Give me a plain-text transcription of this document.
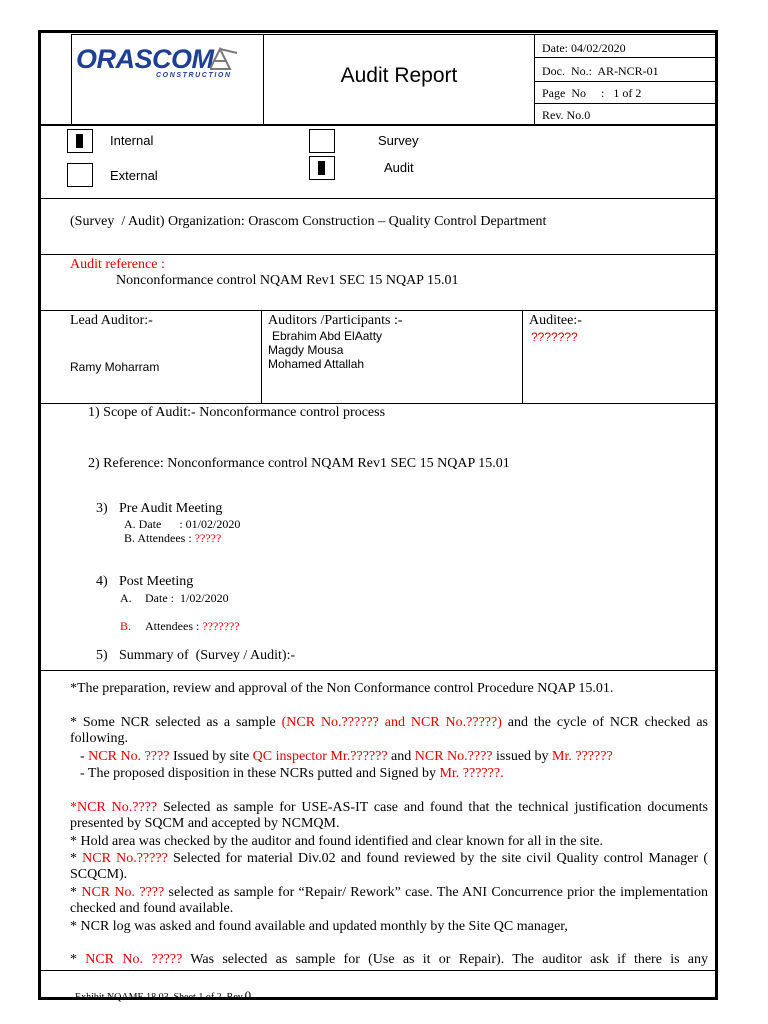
ORASCOM
CONSTRUCTION	Audit Report
Date: 04/02/2020
Doc.  No.:  AR-NCR-01
Page  No     :   1 of 2
Rev. No.0
Internal
External
Survey
Audit
(Survey  / Audit) Organization: Orascom Construction – Quality Control Department
Audit reference :
Nonconformance control NQAM Rev1 SEC 15 NQAP 15.01
Lead Auditor:-
Ramy Moharram
Auditors /Participants :-
Ebrahim Abd ElAatty
Magdy Mousa
Mohamed Attallah
Auditee:-
???????
1) Scope of Audit:- Nonconformance control process
2) Reference: Nonconformance control NQAM Rev1 SEC 15 NQAP 15.01
3) Pre Audit Meeting
A. Date      : 01/02/2020
B. Attendees : ?????
4) Post Meeting
A. Date :  1/02/2020
B. Attendees : ???????
5) Summary of  (Survey / Audit):-
*The preparation, review and approval of the Non Conformance control Procedure NQAP 15.01.
* Some NCR selected as a sample (NCR No.?????? and NCR No.?????) and the cycle of NCR checked as following.
- NCR No. ???? Issued by site QC inspector Mr.?????? and NCR No.???? issued by Mr. ??????
- The proposed disposition in these NCRs putted and Signed by Mr. ??????.
*NCR No.???? Selected as sample for USE-AS-IT case and found that the technical justification documents presented by SQCM and accepted by NCMQM.
* Hold area was checked by the auditor and found identified and clear known for all in the site.
* NCR No.????? Selected for material Div.02 and found reviewed by the site civil Quality control Manager ( SCQCM).
* NCR No. ???? selected as sample for “Repair/ Rework” case. The ANI Concurrence prior the implementation checked and found available.
* NCR log was asked and found available and updated monthly by the Site QC manager,
* NCR No. ????? Was selected as sample for (Use as it or Repair). The auditor ask if there is any

Exhibit NQAME 18.03  Sheet 1 of 2  Rev.0
